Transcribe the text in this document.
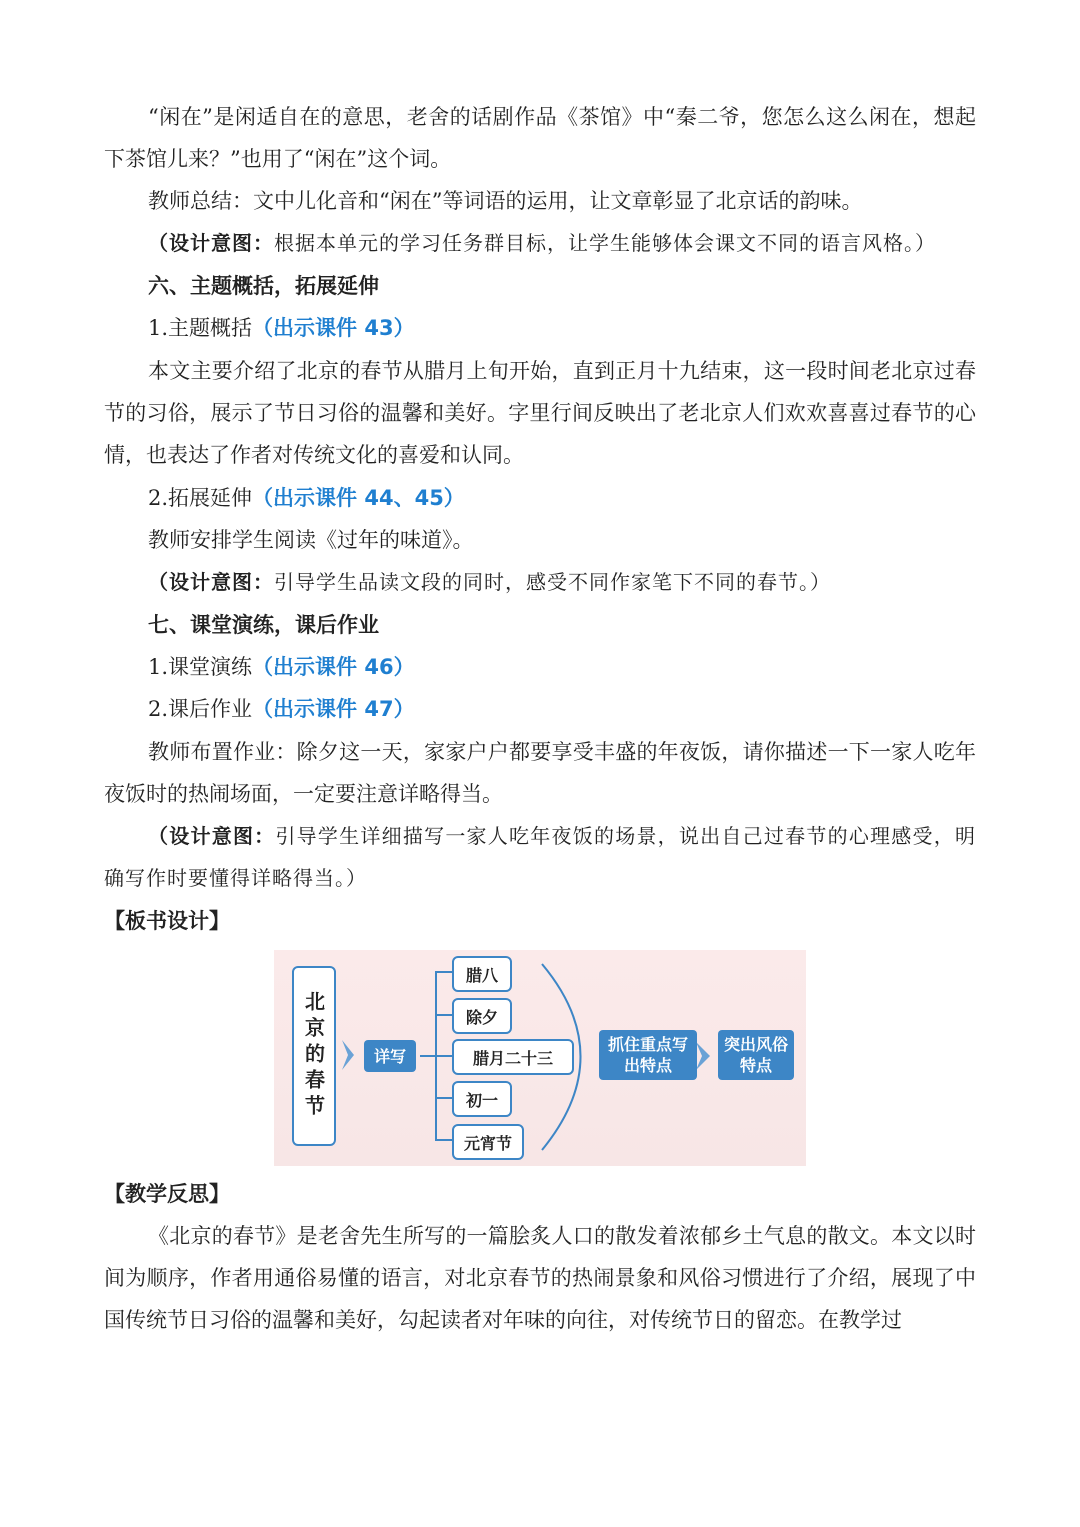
“闲在”是闲适自在的意思，老舍的话剧作品《茶馆》中“秦二爷，您怎么这么闲在，想起下茶馆儿来？”也用了“闲在”这个词。

教师总结：文中儿化音和“闲在”等词语的运用，让文章彰显了北京话的韵味。

（设计意图：根据本单元的学习任务群目标，让学生能够体会课文不同的语言风格。）

六、主题概括，拓展延伸

1.主题概括（出示课件 43）

本文主要介绍了北京的春节从腊月上旬开始，直到正月十九结束，这一段时间老北京过春节的习俗，展示了节日习俗的温馨和美好。字里行间反映出了老北京人们欢欢喜喜过春节的心情，也表达了作者对传统文化的喜爱和认同。

2.拓展延伸（出示课件 44、45）

教师安排学生阅读《过年的味道》。

（设计意图：引导学生品读文段的同时，感受不同作家笔下不同的春节。）

七、课堂演练，课后作业

1.课堂演练（出示课件 46）

2.课后作业（出示课件 47）

教师布置作业：除夕这一天，家家户户都要享受丰盛的年夜饭，请你描述一下一家人吃年夜饭时的热闹场面，一定要注意详略得当。

（设计意图：引导学生详细描写一家人吃年夜饭的场景，说出自己过春节的心理感受，明确写作时要懂得详略得当。）

【板书设计】

北京的春节	详写
腊八
除夕
腊月二十三
初一
元宵节
抓住重点写出特点
突出风俗特点

【教学反思】

《北京的春节》是老舍先生所写的一篇脍炙人口的散发着浓郁乡土气息的散文。本文以时间为顺序，作者用通俗易懂的语言，对北京春节的热闹景象和风俗习惯进行了介绍，展现了中国传统节日习俗的温馨和美好，勾起读者对年味的向往，对传统节日的留恋。在教学过
